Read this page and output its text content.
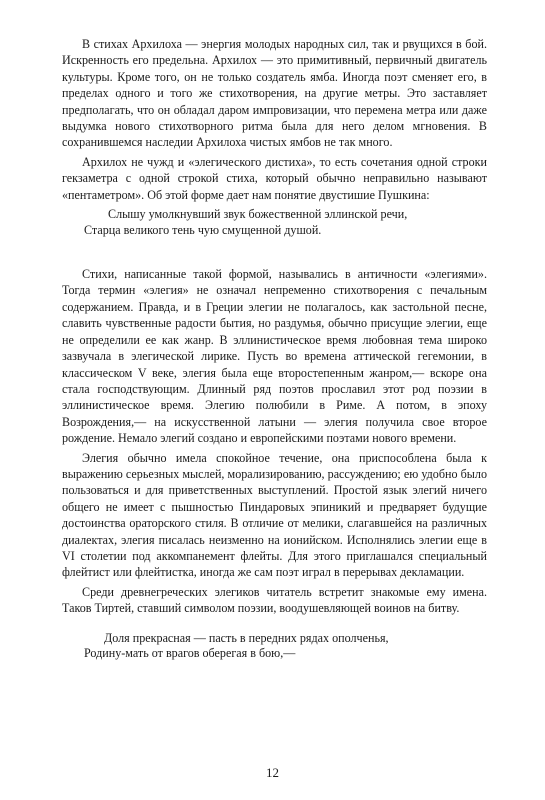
В стихах Архилоха — энергия молодых народных сил, так и рвущихся в бой. Искренность его предельна. Архилох — это примитивный, первичный двигатель культуры. Кроме того, он не только создатель ямба. Иногда поэт сменяет его, в пределах одного и того же стихотворения, на другие метры. Это заставляет предполагать, что он обладал даром импровизации, что перемена метра или даже выдумка нового стихотворного ритма была для него делом мгновения. В сохранившемся наследии Архилоха чистых ямбов не так много.

Архилох не чужд и «элегического дистиха», то есть сочетания одной строки гекзаметра с одной строкой стиха, который обычно неправильно называют «пентаметром». Об этой форме дает нам понятие двустишие Пушкина:

Слышу умолкнувший звук божественной эллинской речи,
Старца великого тень чую смущенной душой.

Стихи, написанные такой формой, назывались в античности «элегиями». Тогда термин «элегия» не означал непременно стихотворения с печальным содержанием. Правда, и в Греции элегии не полагалось, как застольной песне, славить чувственные радости бытия, но раздумья, обычно присущие элегии, еще не определили ее как жанр. В эллинистическое время любовная тема широко зазвучала в элегической лирике. Пусть во времена аттической гегемонии, в классическом V веке, элегия была еще второстепенным жанром,— вскоре она стала господствующим. Длинный ряд поэтов прославил этот род поэзии в эллинистическое время. Элегию полюбили в Риме. А потом, в эпоху Возрождения,— на искусственной латыни — элегия получила свое второе рождение. Немало элегий создано и европейскими поэтами нового времени.

Элегия обычно имела спокойное течение, она приспособлена была к выражению серьезных мыслей, морализированию, рассуждению; ею удобно было пользоваться и для приветственных выступлений. Простой язык элегий ничего общего не имеет с пышностью Пиндаровых эпиникий и предваряет будущие достоинства ораторского стиля. В отличие от мелики, слагавшейся на различных диалектах, элегия писалась неизменно на ионийском. Исполнялись элегии еще в VI столетии под аккомпанемент флейты. Для этого приглашался специальный флейтист или флейтистка, иногда же сам поэт играл в перерывах декламации.

Среди древнегреческих элегиков читатель встретит знакомые ему имена. Таков Тиртей, ставший символом поэзии, воодушевляющей воинов на битву.

Доля прекрасная — пасть в передних рядах ополченья,
Родину-мать от врагов оберегая в бою,—
12
